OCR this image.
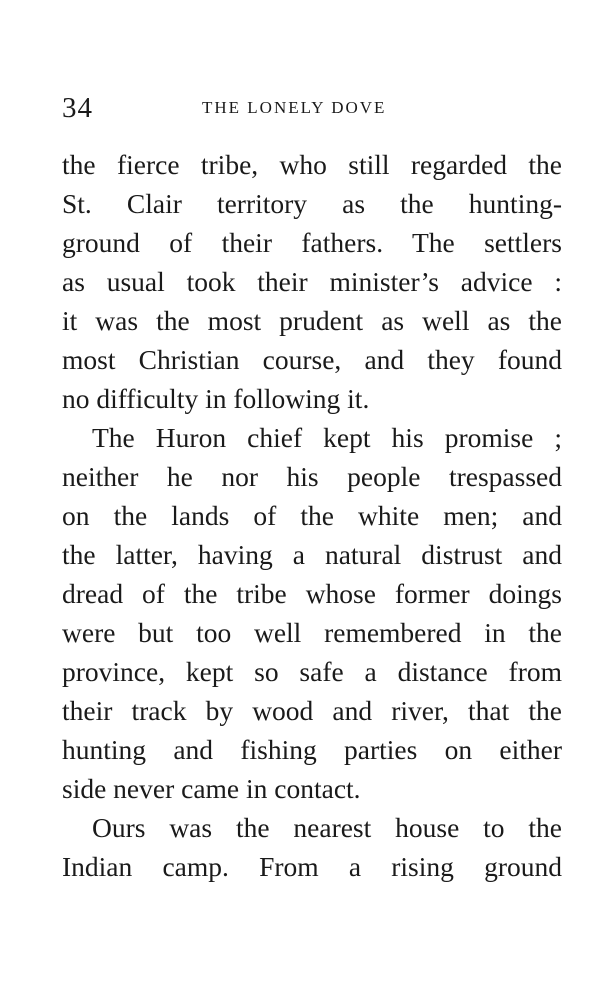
34	THE LONELY DOVE
the fierce tribe, who still regarded the
St. Clair territory as the hunting-
ground of their fathers. The settlers
as usual took their minister’s advice :
it was the most prudent as well as the
most Christian course, and they found
no difficulty in following it.
The Huron chief kept his promise ;
neither he nor his people trespassed
on the lands of the white men; and
the latter, having a natural distrust and
dread of the tribe whose former doings
were but too well remembered in the
province, kept so safe a distance from
their track by wood and river, that the
hunting and fishing parties on either
side never came in contact.
Ours was the nearest house to the
Indian camp. From a rising ground
